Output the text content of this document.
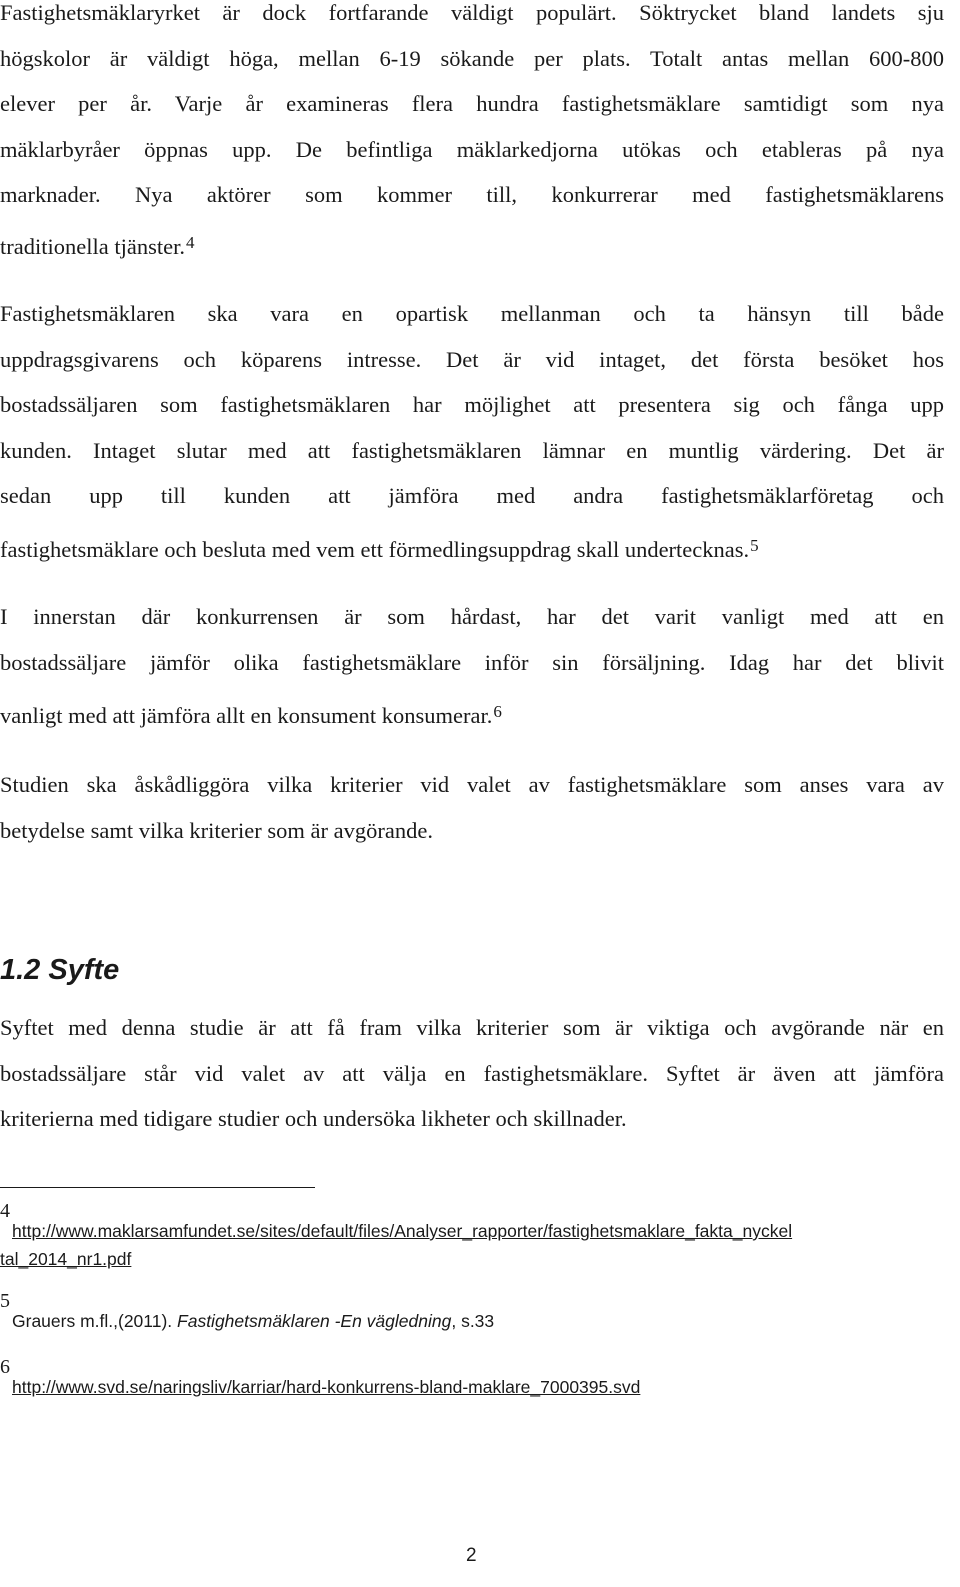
Fastighetsmäklaryrket är dock fortfarande väldigt populärt. Söktrycket bland landets sju
högskolor är väldigt höga, mellan 6-19 sökande per plats. Totalt antas mellan 600-800
elever per år. Varje år examineras flera hundra fastighetsmäklare samtidigt som nya
mäklarbyråer öppnas upp. De befintliga mäklarkedjorna utökas och etableras på nya
marknader. Nya aktörer som kommer till, konkurrerar med fastighetsmäklarens
traditionella tjänster.$^4$

Fastighetsmäklaren ska vara en opartisk mellanman och ta hänsyn till både
uppdragsgivarens och köparens intresse. Det är vid intaget, det första besöket hos
bostadssäljaren som fastighetsmäklaren har möjlighet att presentera sig och fånga upp
kunden. Intaget slutar med att fastighetsmäklaren lämnar en muntlig värdering. Det är
sedan upp till kunden att jämföra med andra fastighetsmäklarföretag och
fastighetsmäklare och besluta med vem ett förmedlingsuppdrag skall undertecknas.$^5$

I innerstan där konkurrensen är som hårdast, har det varit vanligt med att en
bostadssäljare jämför olika fastighetsmäklare inför sin försäljning. Idag har det blivit
vanligt med att jämföra allt en konsument konsumerar.$^6$

Studien ska åskådliggöra vilka kriterier vid valet av fastighetsmäklare som anses vara av
betydelse samt vilka kriterier som är avgörande.

1.2 Syfte

Syftet med denna studie är att få fram vilka kriterier som är viktiga och avgörande när en
bostadssäljare står vid valet av att välja en fastighetsmäklare. Syftet är även att jämföra
kriterierna med tidigare studier och undersöka likheter och skillnader.

4
http://www.maklarsamfundet.se/sites/default/files/Analyser_rapporter/fastighetsmaklare_fakta_nyckel
tal_2014_nr1.pdf
5
Grauers m.fl.,(2011). Fastighetsmäklaren -En vägledning, s.33
6
http://www.svd.se/naringsliv/karriar/hard-konkurrens-bland-maklare_7000395.svd
2
